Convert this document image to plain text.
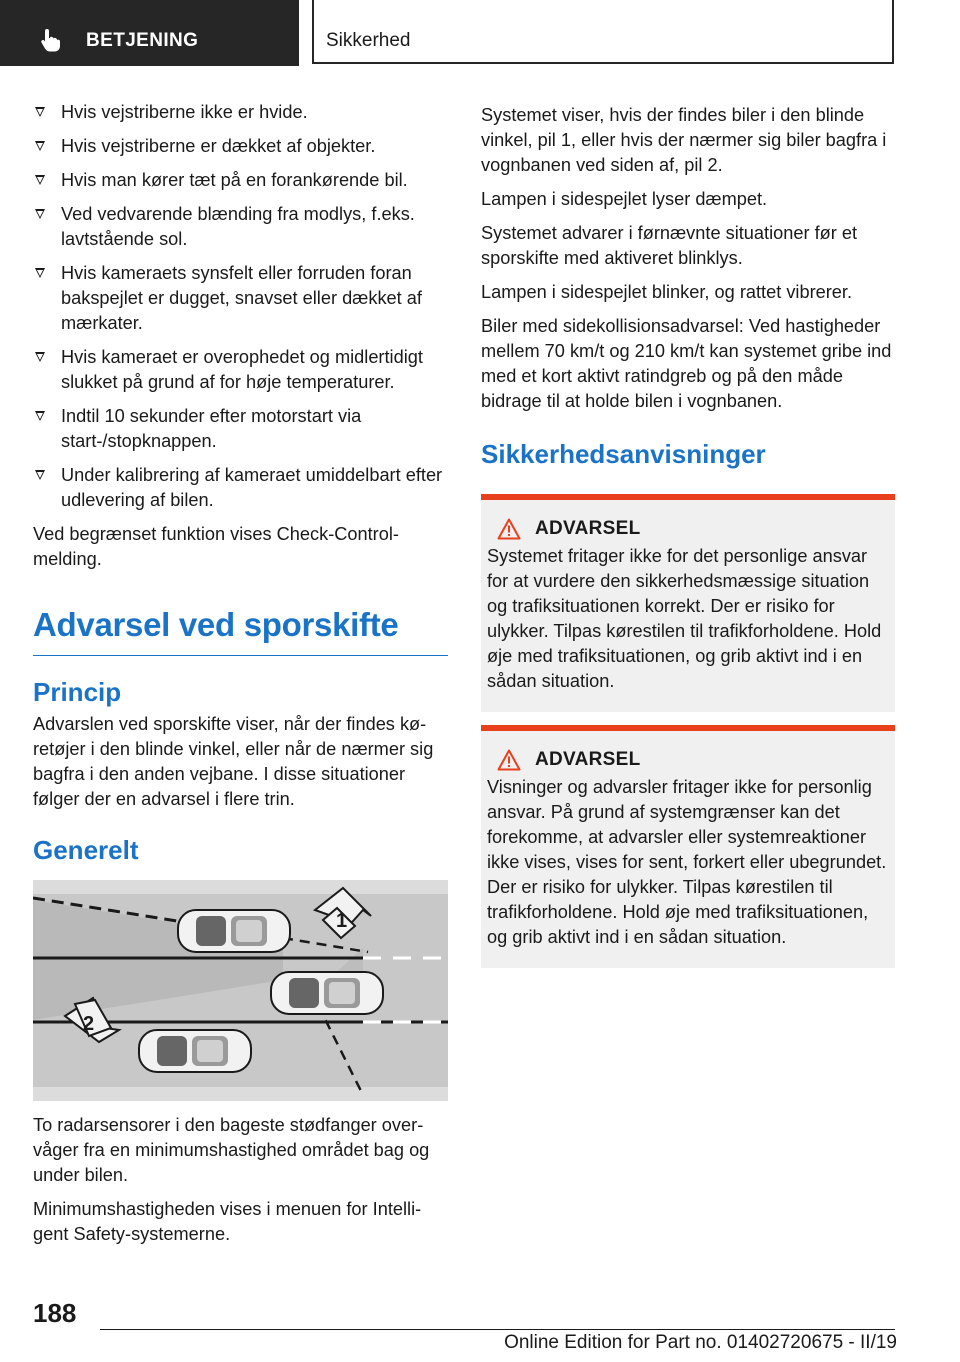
BETJENING	Sikkerhed
Hvis vejstriberne ikke er hvide.
Hvis vejstriberne er dækket af objekter.
Hvis man kører tæt på en forankørende bil.
Ved vedvarende blænding fra modlys, f.eks. lavtstående sol.
Hvis kameraets synsfelt eller forruden foran bakspejlet er dugget, snavset eller dækket af mærkater.
Hvis kameraet er overophedet og midlertidigt slukket på grund af for høje temperaturer.
Indtil 10 sekunder efter motorstart via start-/stopknappen.
Under kalibrering af kameraet umiddelbart efter udlevering af bilen.

Ved begrænset funktion vises Check-Control-melding.

Advarsel ved sporskifte
Princip

Advarslen ved sporskifte viser, når der findes køretøjer i den blinde vinkel, eller når de nærmer sig bagfra i den anden vejbane. I disse situationer følger der en advarsel i flere trin.

Generelt
1
2

To radarsensorer i den bageste stødfanger overvåger fra en minimumshastighed området bag og under bilen.

Minimumshastigheden vises i menuen for Intelligent Safety-systemerne.

Systemet viser, hvis der findes biler i den blinde vinkel, pil 1, eller hvis der nærmer sig biler bagfra i vognbanen ved siden af, pil 2.

Lampen i sidespejlet lyser dæmpet.

Systemet advarer i førnævnte situationer før et sporskifte med aktiveret blinklys.

Lampen i sidespejlet blinker, og rattet vibrerer.

Biler med sidekollisionsadvarsel: Ved hastigheder mellem 70 km/t og 210 km/t kan systemet gribe ind med et kort aktivt ratindgreb og på den måde bidrage til at holde bilen i vognbanen.

Sikkerhedsanvisninger
ADVARSEL

Systemet fritager ikke for det personlige ansvar for at vurdere den sikkerhedsmæssige situation og trafiksituationen korrekt. Der er risiko for ulykker. Tilpas kørestilen til trafikforholdene. Hold øje med trafiksituationen, og grib aktivt ind i en sådan situation.

ADVARSEL

Visninger og advarsler fritager ikke for personlig ansvar. På grund af systemgrænser kan det forekomme, at advarsler eller systemreaktioner ikke vises, vises for sent, forkert eller ubegrundet. Der er risiko for ulykker. Tilpas kørestilen til trafikforholdene. Hold øje med trafiksituationen, og grib aktivt ind i en sådan situation.

188
Online Edition for Part no. 01402720675 - II/19
